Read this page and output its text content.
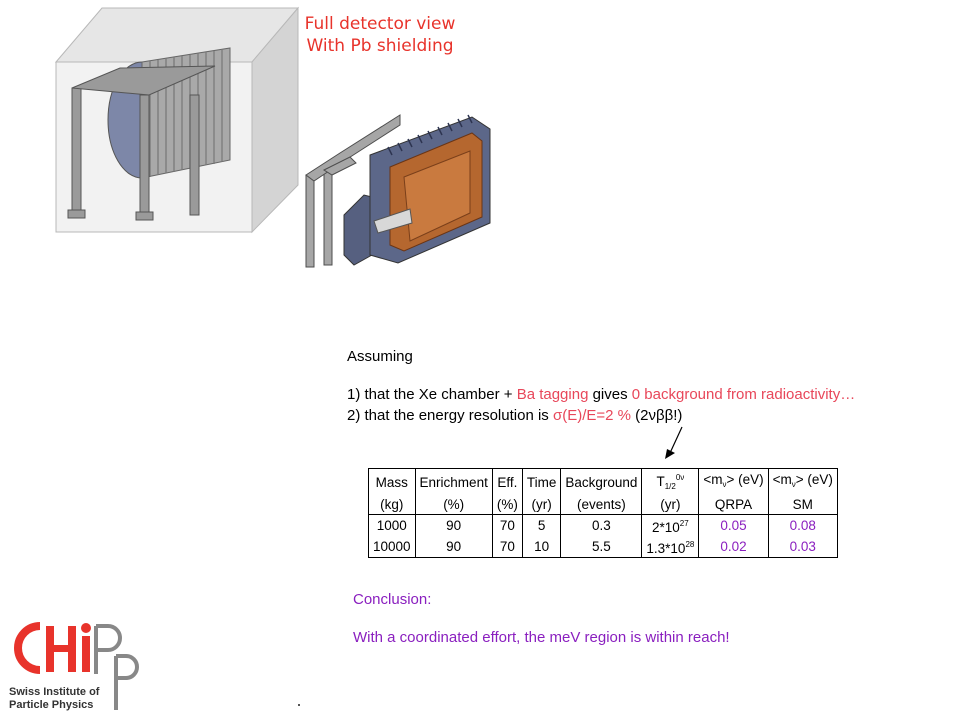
Full detector view
With Pb shielding
Assuming
1) that the Xe chamber + Ba tagging gives 0 background from radioactivity…
2) that the energy resolution is σ(E)/E=2 % (2νββ!)
Mass	Enrichment	Eff.	Time	Background	$T_{1/2}^{0\nu}$	$<m_\nu> (eV)$	$<m_\nu> (eV)$
(kg)	(%)	(%)	(yr)	(events)	(yr)	QRPA	SM
1000	90	70	5	0.3	$2*10^{27}$	0.05	0.08
10000	90	70	10	5.5	$1.3*10^{28}$	0.02	0.03
Conclusion:
With a coordinated effort, the meV region is within reach!
Swiss Institute of
Particle Physics
